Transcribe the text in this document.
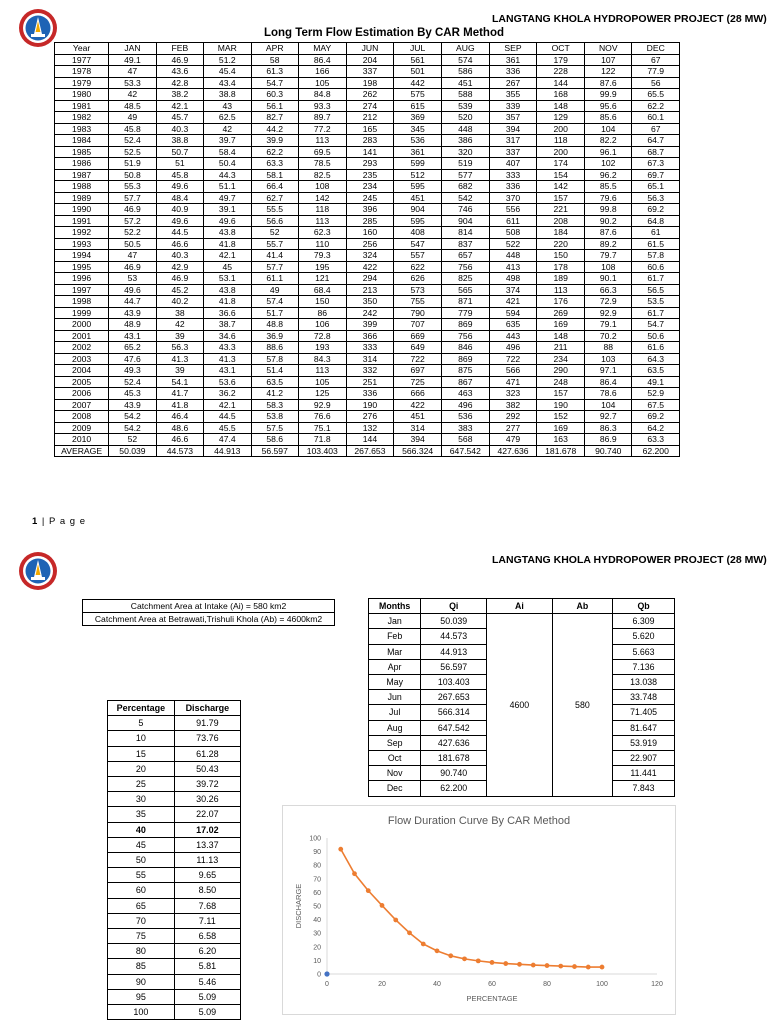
LANGTANG KHOLA HYDROPOWER PROJECT (28 MW)
Long Term Flow Estimation By CAR Method
Year	JAN	FEB	MAR	APR	MAY	JUN	JUL	AUG	SEP	OCT	NOV	DEC
1977	49.1	46.9	51.2	58	86.4	204	561	574	361	179	107	67
1978	47	43.6	45.4	61.3	166	337	501	586	336	228	122	77.9
1979	53.3	42.8	43.4	54.7	105	198	442	451	267	144	87.6	56
1980	42	38.2	38.8	60.3	84.8	262	575	588	355	168	99.9	65.5
1981	48.5	42.1	43	56.1	93.3	274	615	539	339	148	95.6	62.2
1982	49	45.7	62.5	82.7	89.7	212	369	520	357	129	85.6	60.1
1983	45.8	40.3	42	44.2	77.2	165	345	448	394	200	104	67
1984	52.4	38.8	39.7	39.9	113	283	536	386	317	118	82.2	64.7
1985	52.5	50.7	58.4	62.2	69.5	141	361	320	337	200	96.1	68.7
1986	51.9	51	50.4	63.3	78.5	293	599	519	407	174	102	67.3
1987	50.8	45.8	44.3	58.1	82.5	235	512	577	333	154	96.2	69.7
1988	55.3	49.6	51.1	66.4	108	234	595	682	336	142	85.5	65.1
1989	57.7	48.4	49.7	62.7	142	245	451	542	370	157	79.6	56.3
1990	46.9	40.9	39.1	55.5	118	396	904	746	556	221	99.8	69.2
1991	57.2	49.6	49.6	56.6	113	285	595	904	611	208	90.2	64.8
1992	52.2	44.5	43.8	52	62.3	160	408	814	508	184	87.6	61
1993	50.5	46.6	41.8	55.7	110	256	547	837	522	220	89.2	61.5
1994	47	40.3	42.1	41.4	79.3	324	557	657	448	150	79.7	57.8
1995	46.9	42.9	45	57.7	195	422	622	756	413	178	108	60.6
1996	53	46.9	53.1	61.1	121	294	626	825	498	189	90.1	61.7
1997	49.6	45.2	43.8	49	68.4	213	573	565	374	113	66.3	56.5
1998	44.7	40.2	41.8	57.4	150	350	755	871	421	176	72.9	53.5
1999	43.9	38	36.6	51.7	86	242	790	779	594	269	92.9	61.7
2000	48.9	42	38.7	48.8	106	399	707	869	635	169	79.1	54.7
2001	43.1	39	34.6	36.9	72.8	366	669	756	443	148	70.2	50.6
2002	65.2	56.3	43.3	88.6	193	333	649	846	496	211	88	61.6
2003	47.6	41.3	41.3	57.8	84.3	314	722	869	722	234	103	64.3
2004	49.3	39	43.1	51.4	113	332	697	875	566	290	97.1	63.5
2005	52.4	54.1	53.6	63.5	105	251	725	867	471	248	86.4	49.1
2006	45.3	41.7	36.2	41.2	125	336	666	463	323	157	78.6	52.9
2007	43.9	41.8	42.1	58.3	92.9	190	422	496	382	190	104	67.5
2008	54.2	46.4	44.5	53.8	76.6	276	451	536	292	152	92.7	69.2
2009	54.2	48.6	45.5	57.5	75.1	132	314	383	277	169	86.3	64.2
2010	52	46.6	47.4	58.6	71.8	144	394	568	479	163	86.9	63.3
AVERAGE	50.039	44.573	44.913	56.597	103.403	267.653	566.324	647.542	427.636	181.678	90.740	62.200
1 | P a g e
LANGTANG KHOLA HYDROPOWER PROJECT (28 MW)
Catchment Area at Intake (Ai) = 580 km2
Catchment Area at Betrawati,Trishuli Khola (Ab) = 4600km2
Months	Qi	Ai	Ab	Qb
Jan	50.039	4600	580	6.309
Feb	44.573			5.620
Mar	44.913			5.663
Apr	56.597			7.136
May	103.403			13.038
Jun	267.653			33.748
Jul	566.314			71.405
Aug	647.542			81.647
Sep	427.636			53.919
Oct	181.678			22.907
Nov	90.740			11.441
Dec	62.200			7.843
Percentage	Discharge
5	91.79
10	73.76
15	61.28
20	50.43
25	39.72
30	30.26
35	22.07
40	17.02
45	13.37
50	11.13
55	9.65
60	8.50
65	7.68
70	7.11
75	6.58
80	6.20
85	5.81
90	5.46
95	5.09
100	5.09
Flow Duration Curve By CAR Method
0	20	40	60	80	100	120
0
10
20
30
40
50
60
70
80
90
100
PERCENTAGE
DISCHARGE
